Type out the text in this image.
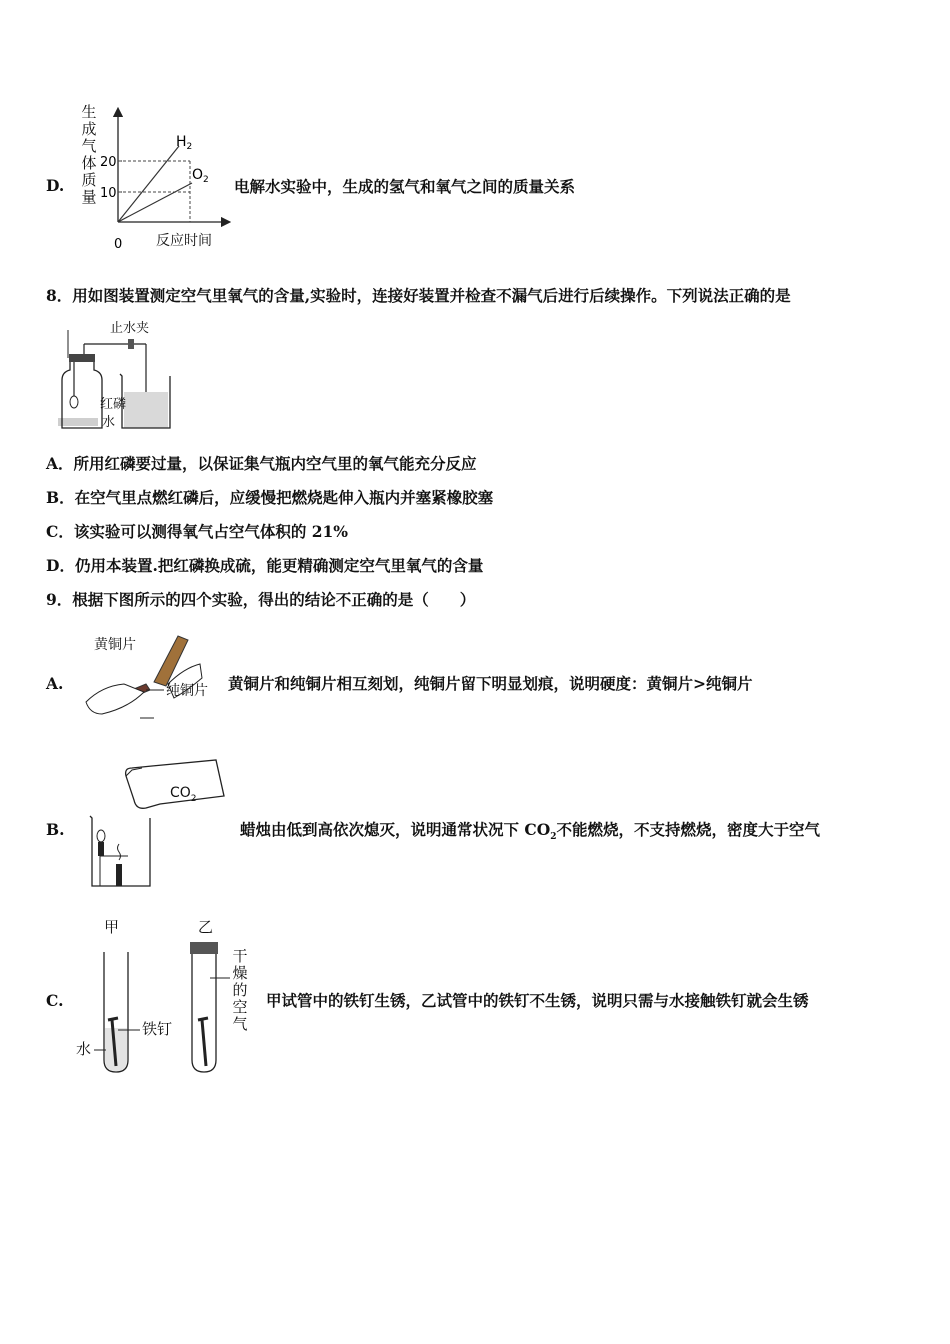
D.
生成气体质量
20
10
0
$H_2$
$O_2$
反应时间
电解水实验中，生成的氢气和氧气之间的质量关系
8．用如图装置测定空气里氧气的含量,实验时，连接好装置并检查不漏气后进行后续操作。下列说法正确的是
止水夹
红磷
水
A．所用红磷要过量，以保证集气瓶内空气里的氧气能充分反应
B．在空气里点燃红磷后，应缓慢把燃烧匙伸入瓶内并塞紧橡胶塞
C．该实验可以测得氧气占空气体积的 21%
D．仍用本装置.把红磷换成硫，能更精确测定空气里氧气的含量
9．根据下图所示的四个实验，得出的结论不正确的是（　　）
A.
黄铜片
纯铜片 黄铜片和纯铜片相互刻划，纯铜片留下明显划痕，说明硬度：黄铜片>纯铜片
B.
$CO_2$
蜡烛由低到高依次熄灭，说明通常状况下 $CO_2$不能燃烧，不支持燃烧，密度大于空气
C.
甲	乙
铁钉
水
干燥的空气
甲试管中的铁钉生锈，乙试管中的铁钉不生锈，说明只需与水接触铁钉就会生锈
